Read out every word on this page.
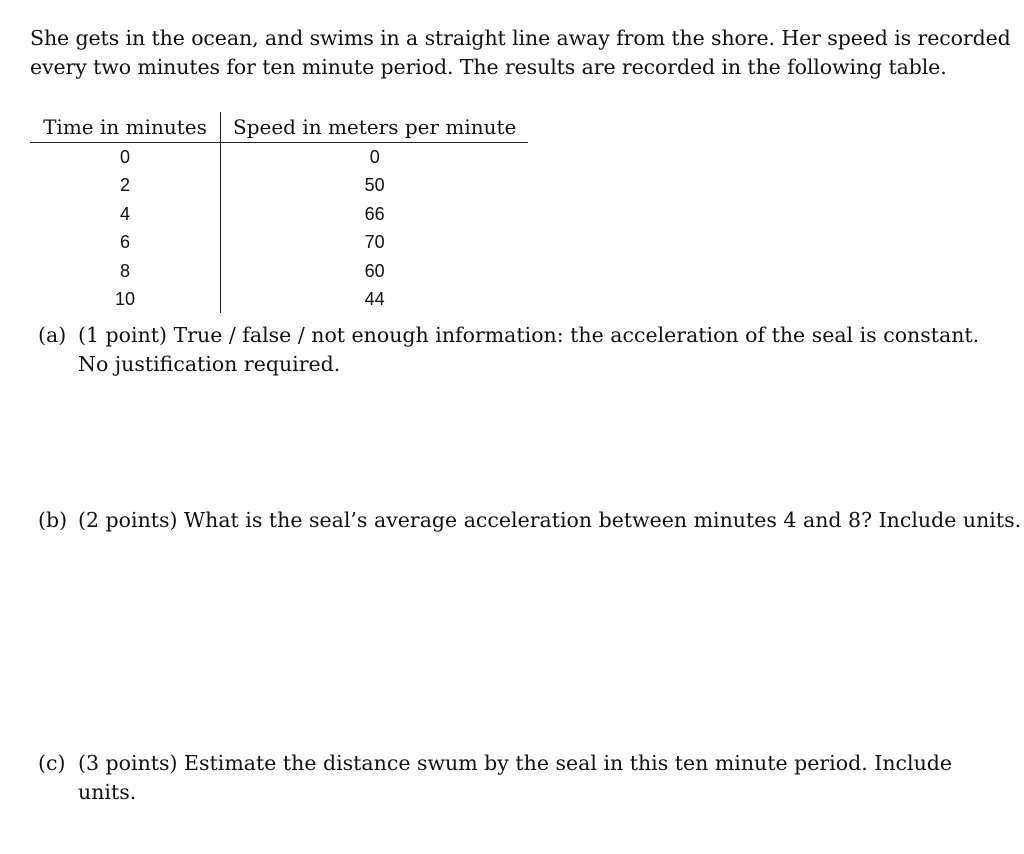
She gets in the ocean, and swims in a straight line away from the shore. Her speed is recorded
every two minutes for ten minute period. The results are recorded in the following table.

Time in minutes	Speed in meters per minute
0	0
2	50
4	66
6	70
8	60
10	44

(a) (1 point) True / false / not enough information: the acceleration of the seal is constant.
No justification required.

(b) (2 points) What is the seal’s average acceleration between minutes 4 and 8? Include units.

(c) (3 points) Estimate the distance swum by the seal in this ten minute period. Include
units.
